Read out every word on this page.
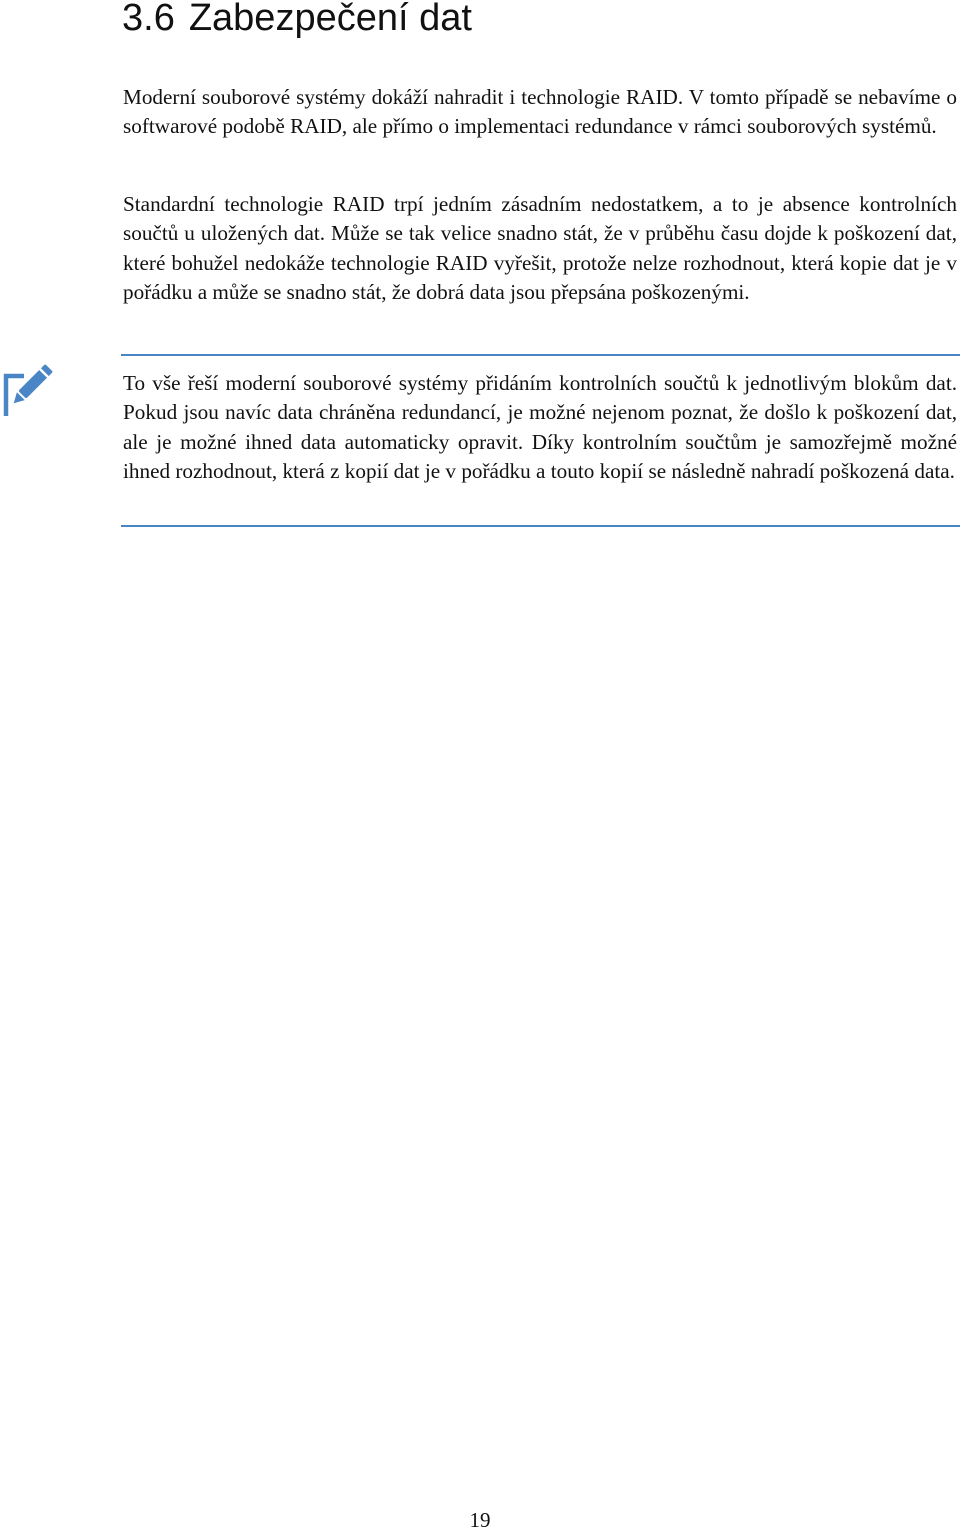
3.6 Zabezpečení dat

Moderní souborové systémy dokáží nahradit i technologie RAID. V tomto případě se nebavíme o softwarové podobě RAID, ale přímo o implementaci redundance v rámci souborových systémů.

Standardní technologie RAID trpí jedním zásadním nedostatkem, a to je absence kontrolních součtů u uložených dat. Může se tak velice snadno stát, že v průběhu času dojde k poškození dat, které bohužel nedokáže technologie RAID vyřešit, protože nelze rozhodnout, která kopie dat je v pořádku a může se snadno stát, že dobrá data jsou přepsána poškozenými.

To vše řeší moderní souborové systémy přidáním kontrolních součtů k jednotlivým blokům dat. Pokud jsou navíc data chráněna redundancí, je možné nejenom poznat, že došlo k poškození dat, ale je možné ihned data automaticky opravit. Díky kontrolním součtům je samozřejmě možné ihned rozhodnout, která z kopií dat je v pořádku a touto kopií se následně nahradí poškozená data.

19
